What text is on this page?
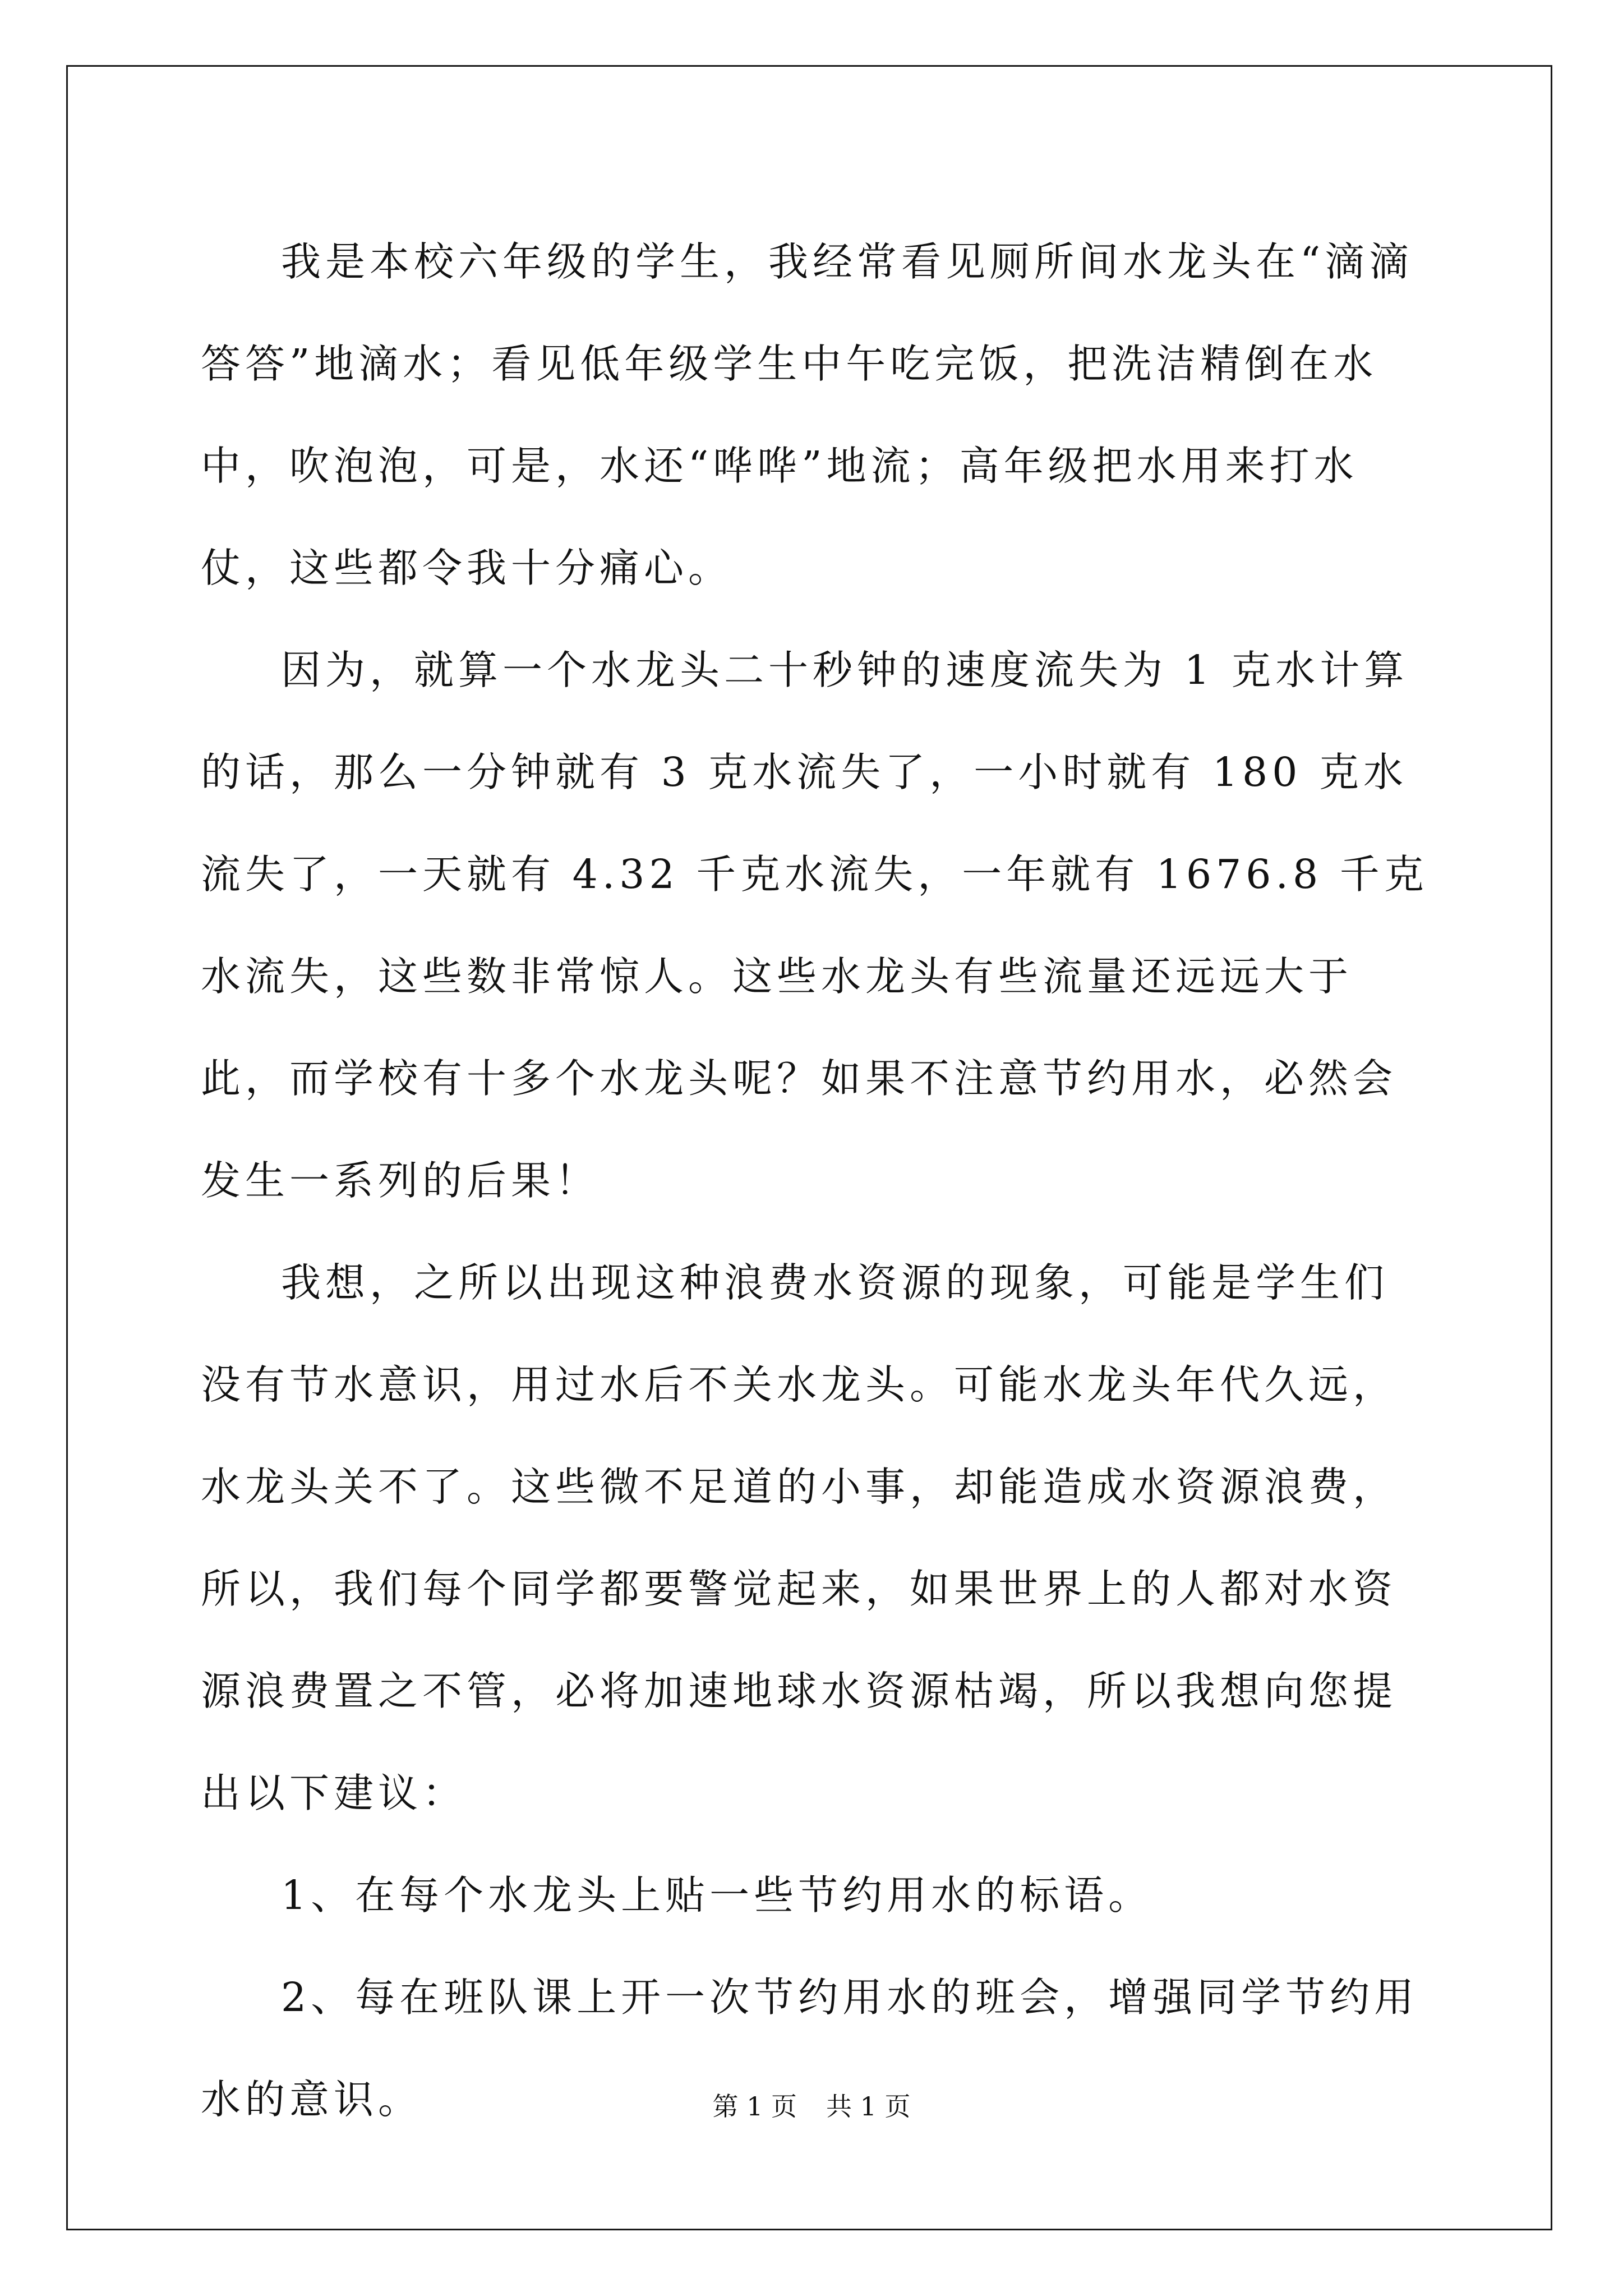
我是本校六年级的学生，我经常看见厕所间水龙头在“滴滴答答”地滴水；看见低年级学生中午吃完饭，把洗洁精倒在水中，吹泡泡，可是，水还“哗哗”地流；高年级把水用来打水仗，这些都令我十分痛心。

因为，就算一个水龙头二十秒钟的速度流失为 1 克水计算的话，那么一分钟就有 3 克水流失了，一小时就有 180 克水流失了，一天就有 4.32 千克水流失，一年就有 1676.8 千克水流失，这些数非常惊人。这些水龙头有些流量还远远大于此，而学校有十多个水龙头呢？如果不注意节约用水，必然会发生一系列的后果！

我想，之所以出现这种浪费水资源的现象，可能是学生们没有节水意识，用过水后不关水龙头。可能水龙头年代久远，水龙头关不了。这些微不足道的小事，却能造成水资源浪费，所以，我们每个同学都要警觉起来，如果世界上的人都对水资源浪费置之不管，必将加速地球水资源枯竭，所以我想向您提出以下建议：

1、在每个水龙头上贴一些节约用水的标语。

2、每在班队课上开一次节约用水的班会，增强同学节约用水的意识。	第 1 页 共 1 页
